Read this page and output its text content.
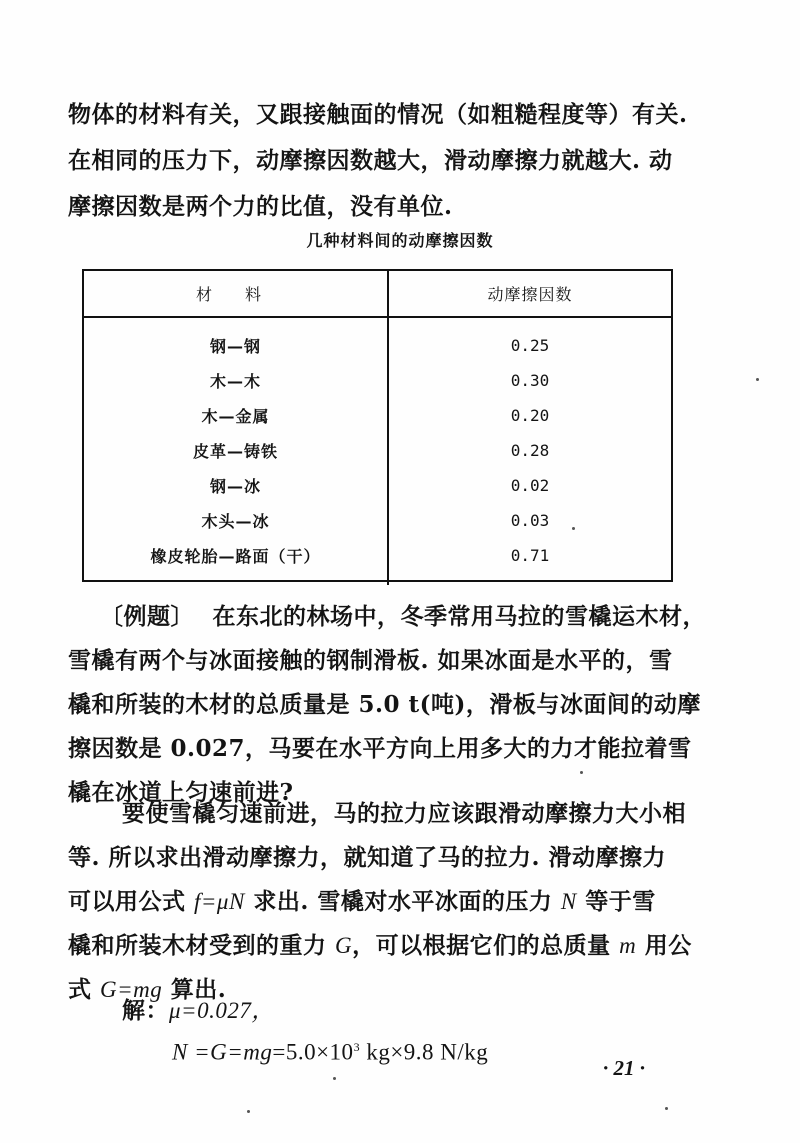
物体的材料有关，又跟接触面的情况（如粗糙程度等）有关.
在相同的压力下，动摩擦因数越大，滑动摩擦力就越大. 动
摩擦因数是两个力的比值，没有单位.
几种材料间的动摩擦因数
材 料	动摩擦因数
钢—钢	0.25
木—木	0.30
木—金属	0.20
皮革—铸铁	0.28
钢—冰	0.02
木头—冰	0.03
橡皮轮胎—路面（干）	0.71
〔例题〕 在东北的林场中，冬季常用马拉的雪橇运木材，
雪橇有两个与冰面接触的钢制滑板. 如果冰面是水平的，雪
橇和所装的木材的总质量是 5.0 t(吨)，滑板与冰面间的动摩
擦因数是 0.027，马要在水平方向上用多大的力才能拉着雪
橇在冰道上匀速前进?
要使雪橇匀速前进，马的拉力应该跟滑动摩擦力大小相
等. 所以求出滑动摩擦力，就知道了马的拉力. 滑动摩擦力
可以用公式 f=μN 求出. 雪橇对水平冰面的压力 N 等于雪
橇和所装木材受到的重力 G，可以根据它们的总质量 m 用公
式 G=mg 算出.
解：μ=0.027，
$N =G=mg=5.0\times 10^3$ kg×9.8 N/kg
· 21 ·
